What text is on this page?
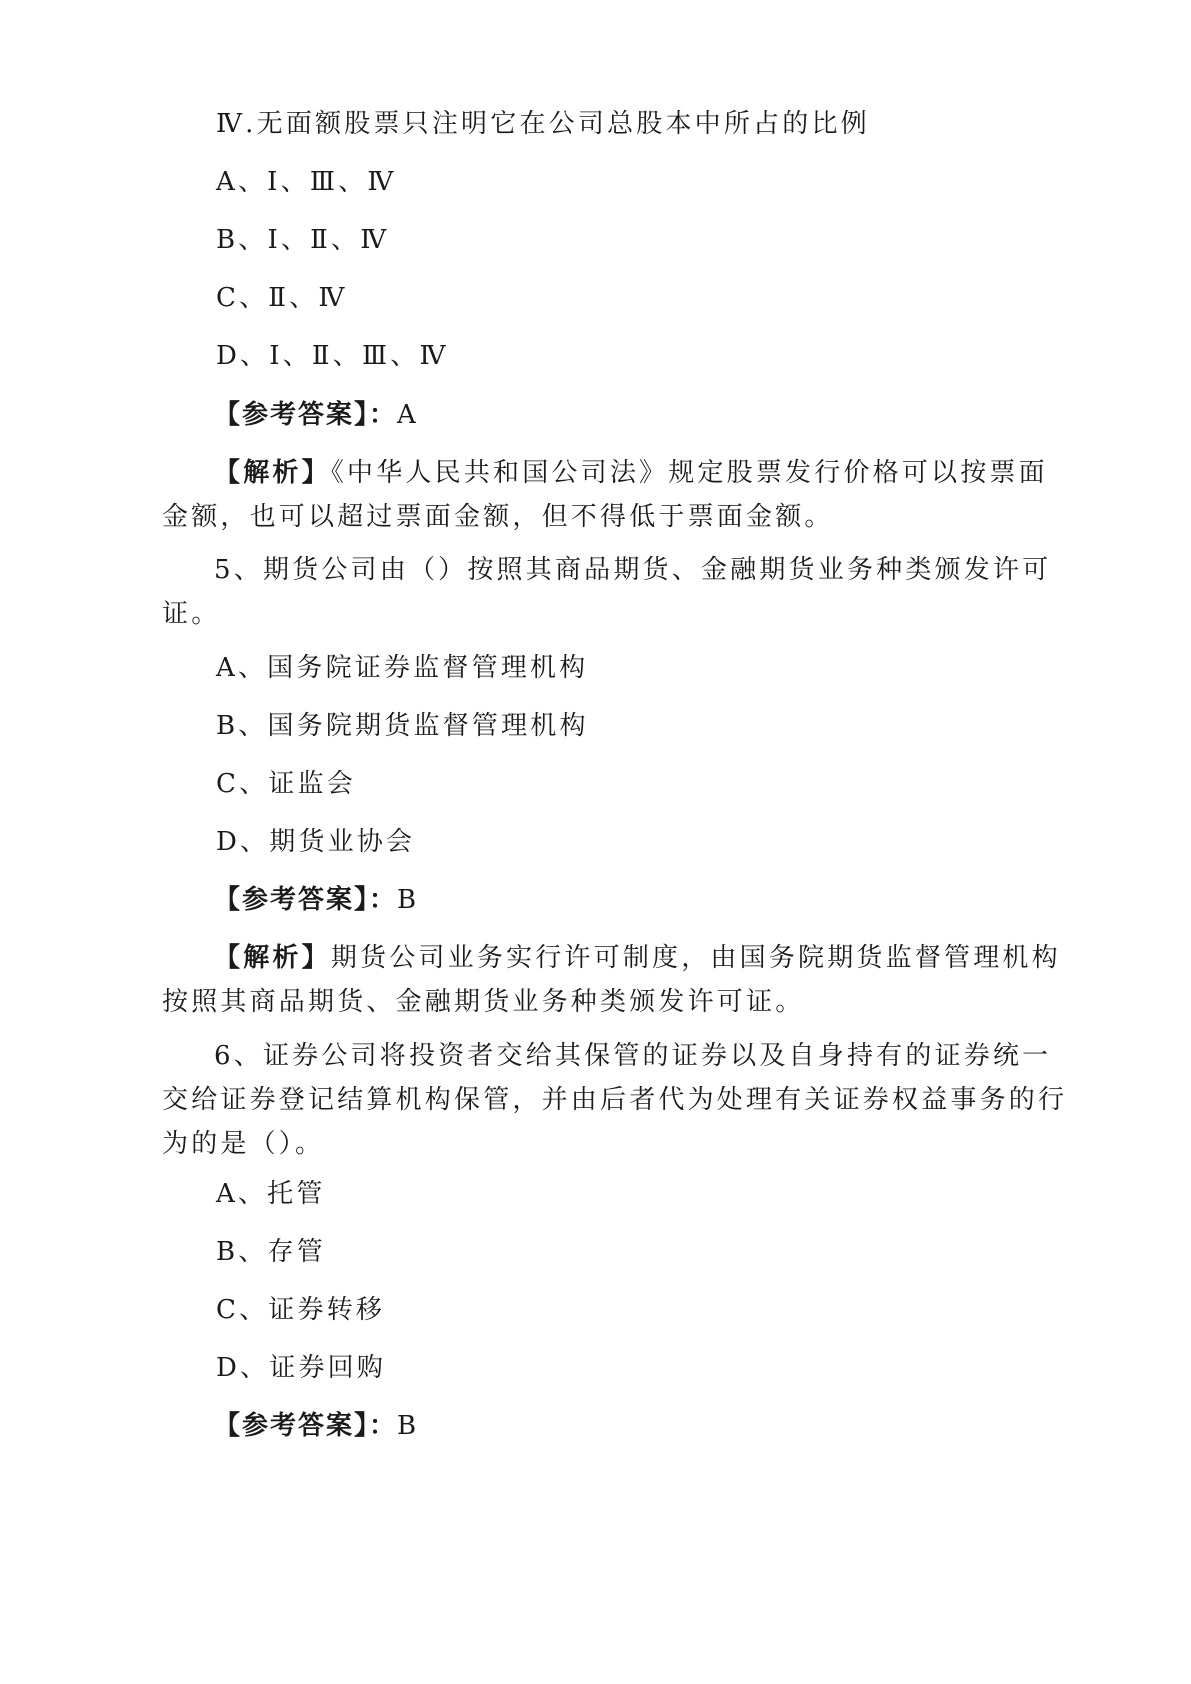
Ⅳ.无面额股票只注明它在公司总股本中所占的比例
A、Ⅰ、Ⅲ、Ⅳ
B、Ⅰ、Ⅱ、Ⅳ
C、Ⅱ、Ⅳ
D、Ⅰ、Ⅱ、Ⅲ、Ⅳ
【参考答案】：A
【解析】《中华人民共和国公司法》规定股票发行价格可以按票面
金额，也可以超过票面金额，但不得低于票面金额。
5、期货公司由（）按照其商品期货、金融期货业务种类颁发许可
证。
A、国务院证券监督管理机构
B、国务院期货监督管理机构
C、证监会
D、期货业协会
【参考答案】：B
【解析】期货公司业务实行许可制度，由国务院期货监督管理机构
按照其商品期货、金融期货业务种类颁发许可证。
6、证券公司将投资者交给其保管的证券以及自身持有的证券统一
交给证券登记结算机构保管，并由后者代为处理有关证券权益事务的行
为的是（）。
A、托管
B、存管
C、证券转移
D、证券回购
【参考答案】：B
